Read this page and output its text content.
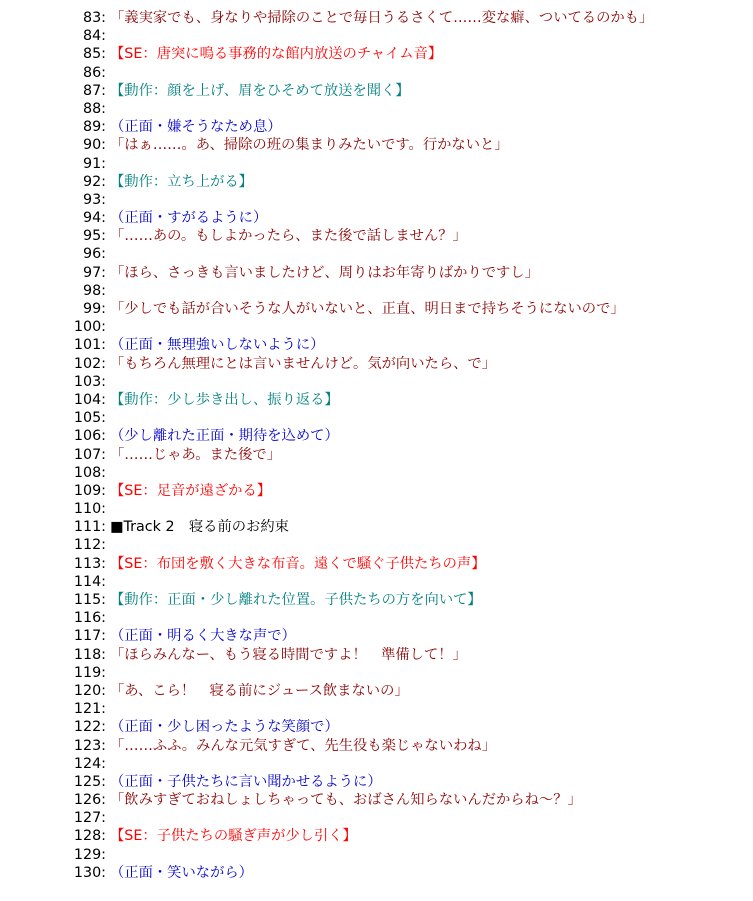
83: 「義実家でも、身なりや掃除のことで毎日うるさくて……変な癖、ついてるのかも」
84:
85: 【SE：唐突に鳴る事務的な館内放送のチャイム音】
86:
87: 【動作：顔を上げ、眉をひそめて放送を聞く】
88:
89: （正面・嫌そうなため息）
90: 「はぁ……。あ、掃除の班の集まりみたいです。行かないと」
91:
92: 【動作：立ち上がる】
93:
94: （正面・すがるように）
95: 「……あの。もしよかったら、また後で話しません？」
96:
97: 「ほら、さっきも言いましたけど、周りはお年寄りばかりですし」
98:
99: 「少しでも話が合いそうな人がいないと、正直、明日まで持ちそうにないので」
100:
101: （正面・無理強いしないように）
102: 「もちろん無理にとは言いませんけど。気が向いたら、で」
103:
104: 【動作：少し歩き出し、振り返る】
105:
106: （少し離れた正面・期待を込めて）
107: 「……じゃあ。また後で」
108:
109: 【SE：足音が遠ざかる】
110:
111: ■Track 2　寝る前のお約束
112:
113: 【SE：布団を敷く大きな布音。遠くで騒ぐ子供たちの声】
114:
115: 【動作：正面・少し離れた位置。子供たちの方を向いて】
116:
117: （正面・明るく大きな声で）
118: 「ほらみんなー、もう寝る時間ですよ！　準備して！」
119:
120: 「あ、こら！　寝る前にジュース飲まないの」
121:
122: （正面・少し困ったような笑顔で）
123: 「……ふふ。みんな元気すぎて、先生役も楽じゃないわね」
124:
125: （正面・子供たちに言い聞かせるように）
126: 「飲みすぎておねしょしちゃっても、おばさん知らないんだからね～？」
127:
128: 【SE：子供たちの騒ぎ声が少し引く】
129:
130: （正面・笑いながら）
